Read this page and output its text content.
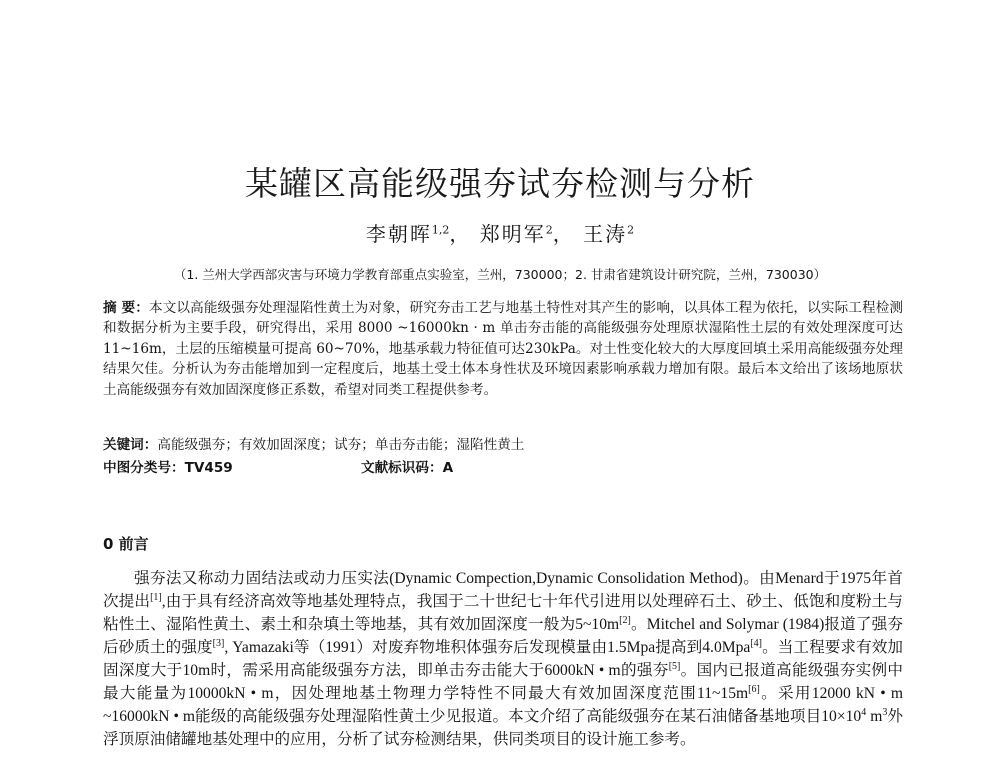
某罐区高能级强夯试夯检测与分析
李朝晖$^{1,2}$， 郑明军$^2$， 王涛$^2$
（1. 兰州大学西部灾害与环境力学教育部重点实验室，兰州，730000；2. 甘肃省建筑设计研究院，兰州，730030）
摘 要：本文以高能级强夯处理湿陷性黄土为对象，研究夯击工艺与地基土特性对其产生的影响，以具体工程为依托，以实际工程检测和数据分析为主要手段，研究得出，采用 8000 ~16000kn · m 单击夯击能的高能级强夯处理原状湿陷性土层的有效处理深度可达 11~16m，土层的压缩模量可提高 60~70%，地基承载力特征值可达230kPa。对土性变化较大的大厚度回填土采用高能级强夯处理结果欠佳。分析认为夯击能增加到一定程度后，地基土受土体本身性状及环境因素影响承载力增加有限。最后本文给出了该场地原状土高能级强夯有效加固深度修正系数，希望对同类工程提供参考。
关键词：高能级强夯；有效加固深度；试夯；单击夯击能；湿陷性黄土
中图分类号：TV459	文献标识码：A
0 前言
强夯法又称动力固结法或动力压实法(Dynamic Compection,Dynamic Consolidation Method)。由Menard于1975年首次提出[1],由于具有经济高效等地基处理特点，我国于二十世纪七十年代引进用以处理碎石土、砂土、低饱和度粉土与粘性土、湿陷性黄土、素土和杂填土等地基，其有效加固深度一般为5~10m[2]。Mitchel and Solymar (1984)报道了强夯后砂质土的强度[3], Yamazaki等（1991）对废弃物堆积体强夯后发现模量由1.5Mpa提高到4.0Mpa[4]。当工程要求有效加固深度大于10m时，需采用高能级强夯方法，即单击夯击能大于6000kN • m的强夯[5]。国内已报道高能级强夯实例中最大能量为10000kN • m，因处理地基土物理力学特性不同最大有效加固深度范围11~15m[6]。采用12000 kN • m ~16000kN • m能级的高能级强夯处理湿陷性黄土少见报道。本文介绍了高能级强夯在某石油储备基地项目$10\times 10^4$ $m^3$外浮顶原油储罐地基处理中的应用，分析了试夯检测结果，供同类项目的设计施工参考。
